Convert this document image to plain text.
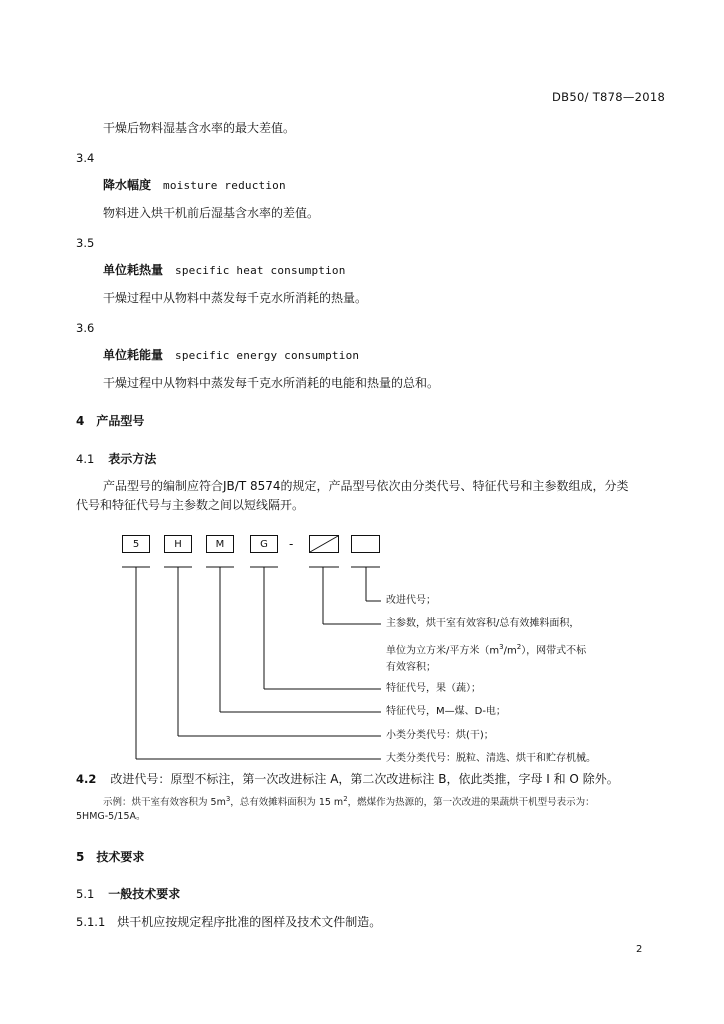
DB50/ T878—2018
干燥后物料湿基含水率的最大差值。
3.4
降水幅度 moisture reduction
物料进入烘干机前后湿基含水率的差值。
3.5
单位耗热量 specific heat consumption
干燥过程中从物料中蒸发每千克水所消耗的热量。
3.6
单位耗能量 specific energy consumption
干燥过程中从物料中蒸发每千克水所消耗的电能和热量的总和。
4 产品型号
4.1 表示方法
产品型号的编制应符合JB/T 8574的规定，产品型号依次由分类代号、特征代号和主参数组成，分类
代号和特征代号与主参数之间以短线隔开。
5	H	M	G	-
改进代号；
主参数，烘干室有效容积/总有效摊料面积，
单位为立方米/平方米$(m^3/m^2)$，网带式不标
有效容积；
特征代号，果（蔬）；
特征代号，M—煤、D-电；
小类分类代号：烘(干)；
大类分类代号：脱粒、清选、烘干和贮存机械。
4.2 改进代号：原型不标注，第一次改进标注 A，第二次改进标注 B，依此类推，字母 I 和 O 除外。
示例：烘干室有效容积为 $5m^3$，总有效摊料面积为 15 $m^2$，燃煤作为热源的，第一次改进的果蔬烘干机型号表示为：
5HMG-5/15A。
5 技术要求
5.1 一般技术要求
5.1.1 烘干机应按规定程序批准的图样及技术文件制造。
2
